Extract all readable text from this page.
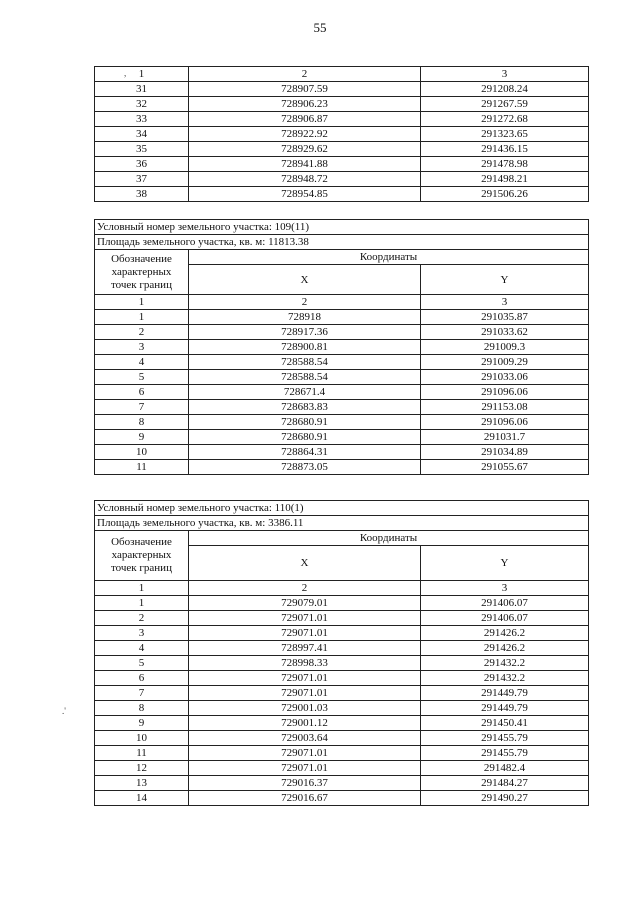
55
,
.'
1	2	3
31	728907.59	291208.24
32	728906.23	291267.59
33	728906.87	291272.68
34	728922.92	291323.65
35	728929.62	291436.15
36	728941.88	291478.98
37	728948.72	291498.21
38	728954.85	291506.26
Условный номер земельного участка: 109(11)		
Площадь земельного участка, кв. м: 11813.38		
Обозначение характерных точек границ	Координаты	
	X	Y
1	2	3
1	728918	291035.87
2	728917.36	291033.62
3	728900.81	291009.3
4	728588.54	291009.29
5	728588.54	291033.06
6	728671.4	291096.06
7	728683.83	291153.08
8	728680.91	291096.06
9	728680.91	291031.7
10	728864.31	291034.89
11	728873.05	291055.67
Условный номер земельного участка: 110(1)		
Площадь земельного участка, кв. м: 3386.11		
Обозначение характерных точек границ	Координаты	
	X	Y
1	2	3
1	729079.01	291406.07
2	729071.01	291406.07
3	729071.01	291426.2
4	728997.41	291426.2
5	728998.33	291432.2
6	729071.01	291432.2
7	729071.01	291449.79
8	729001.03	291449.79
9	729001.12	291450.41
10	729003.64	291455.79
11	729071.01	291455.79
12	729071.01	291482.4
13	729016.37	291484.27
14	729016.67	291490.27
